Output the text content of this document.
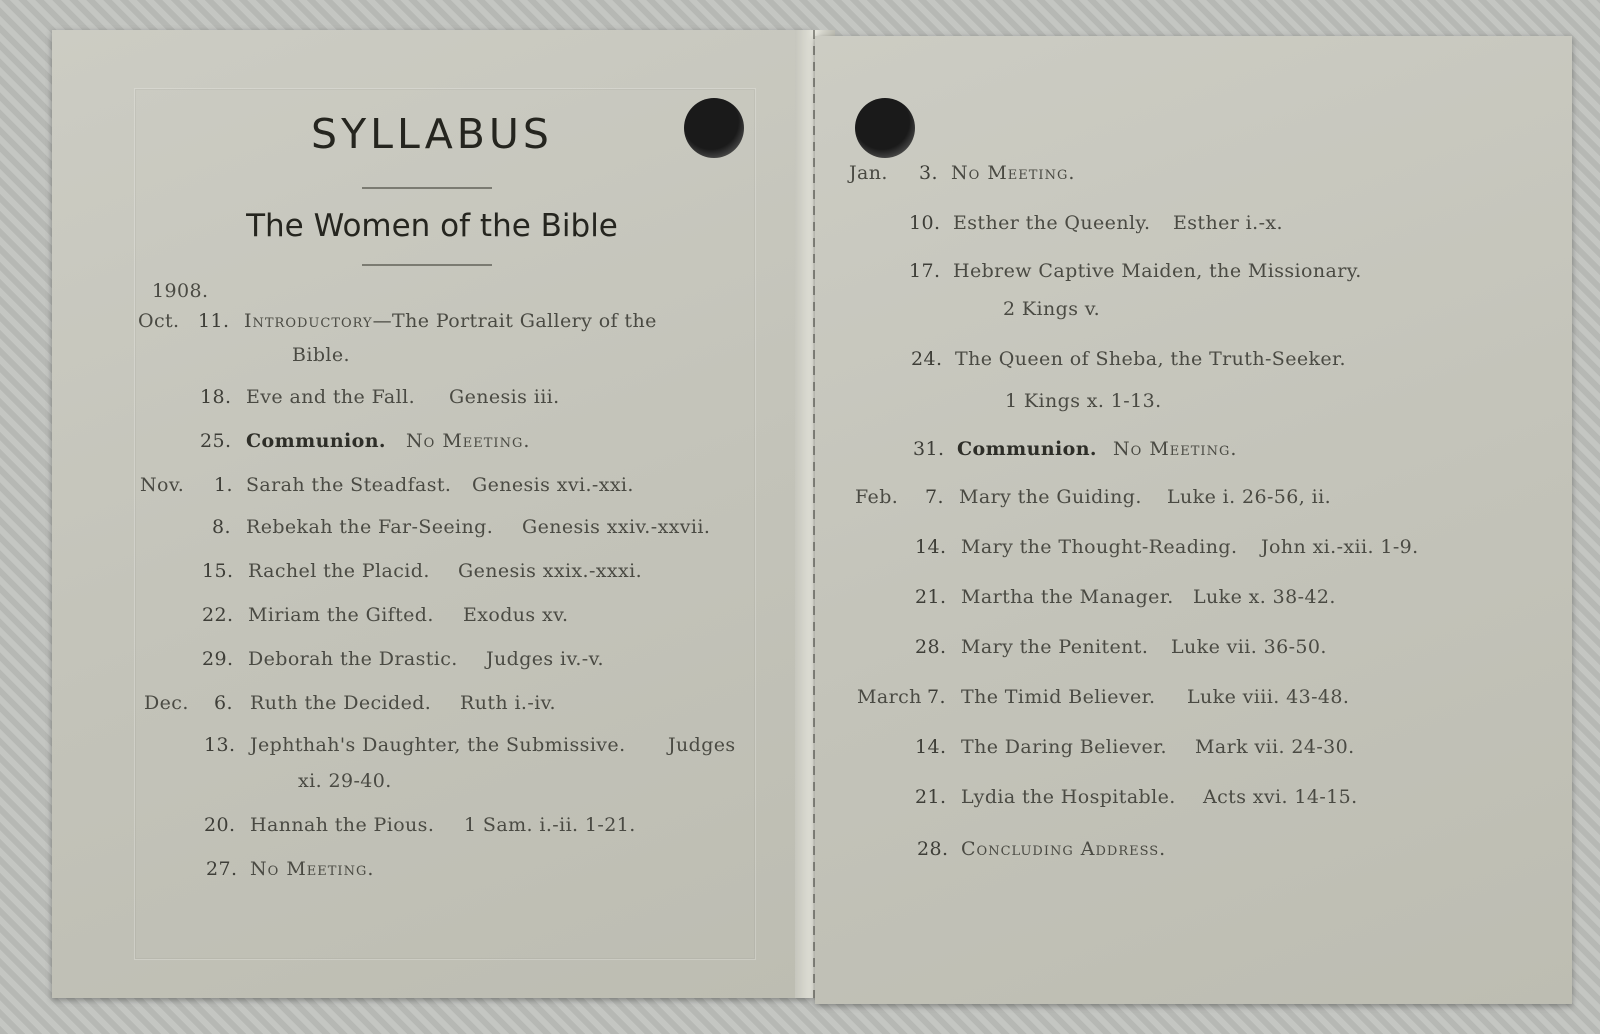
SYLLABUS
The Women of the Bible
1908.
Oct. 11. Introductory—The Portrait Gallery of the
Bible.
18. Eve and the Fall. Genesis iii.
25. Communion. No Meeting.
Nov. 1. Sarah the Steadfast. Genesis xvi.-xxi.
8. Rebekah the Far-Seeing. Genesis xxiv.-xxvii.
15. Rachel the Placid. Genesis xxix.-xxxi.
22. Miriam the Gifted. Exodus xv.
29. Deborah the Drastic. Judges iv.-v.
Dec. 6. Ruth the Decided. Ruth i.-iv.
13. Jephthah's Daughter, the Submissive. Judges
xi. 29-40.
20. Hannah the Pious. 1 Sam. i.-ii. 1-21.
27. No Meeting.
Jan. 3. No Meeting.
10. Esther the Queenly. Esther i.-x.
17. Hebrew Captive Maiden, the Missionary.
2 Kings v.
24. The Queen of Sheba, the Truth-Seeker.
1 Kings x. 1-13.
31. Communion. No Meeting.
Feb. 7. Mary the Guiding. Luke i. 26-56, ii.
14. Mary the Thought-Reading. John xi.-xii. 1-9.
21. Martha the Manager. Luke x. 38-42.
28. Mary the Penitent. Luke vii. 36-50.
March 7. The Timid Believer. Luke viii. 43-48.
14. The Daring Believer. Mark vii. 24-30.
21. Lydia the Hospitable. Acts xvi. 14-15.
28. Concluding Address.
